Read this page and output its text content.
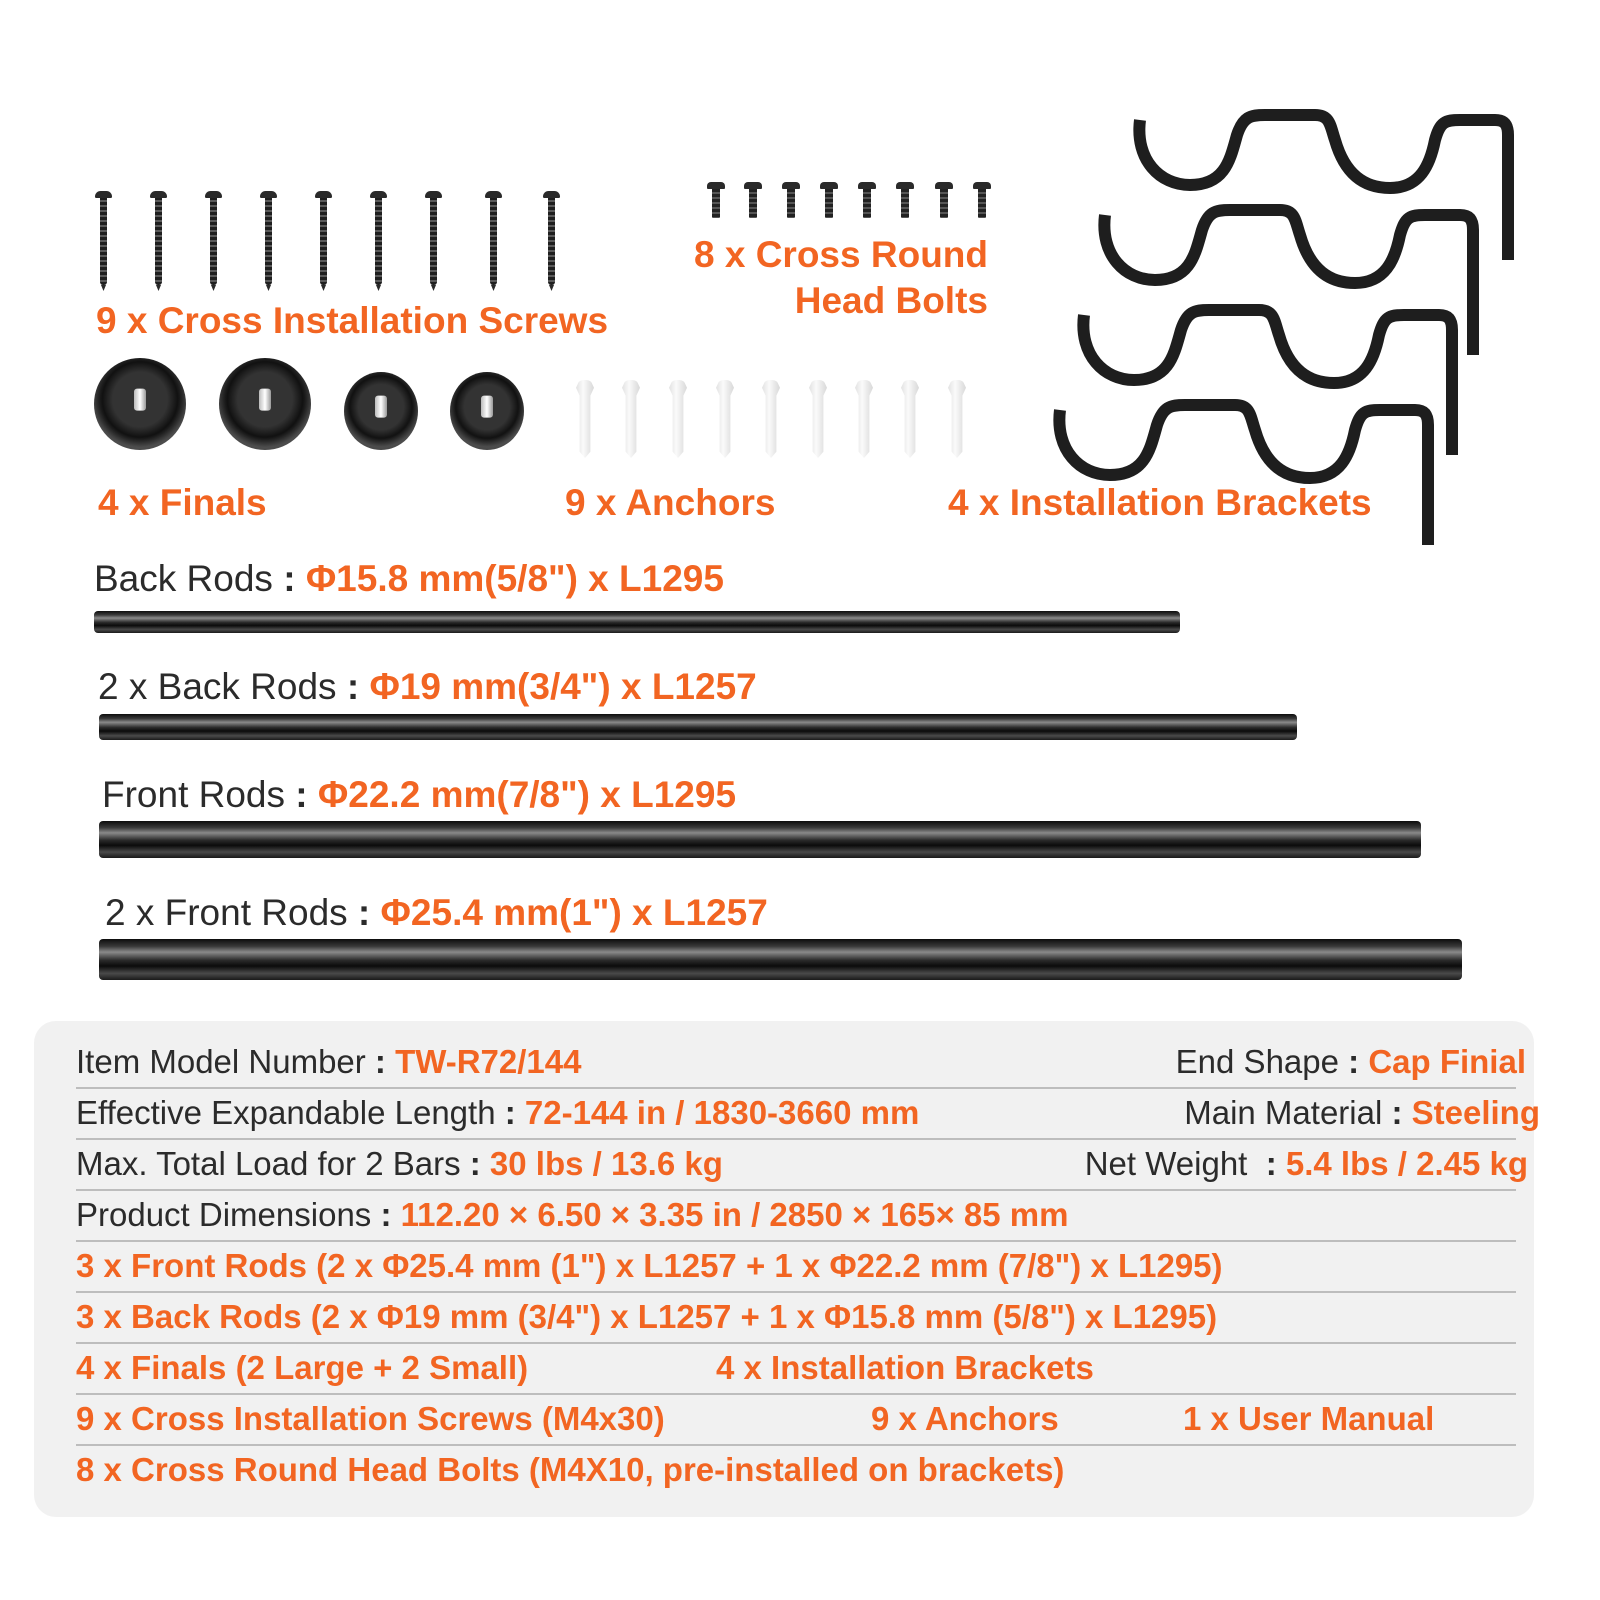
9 x Cross Installation Screws
8 x Cross Round
Head Bolts
4 x Installation Brackets
4 x Finals	9 x Anchors
Back Rods : Φ15.8 mm(5/8") x L1295
2 x Back Rods : Φ19 mm(3/4") x L1257
Front Rods : Φ22.2 mm(7/8") x L1295
2 x Front Rods : Φ25.4 mm(1") x L1257
Item Model Number : TW-R72/144	End Shape : Cap Finial
Effective Expandable Length : 72-144 in / 1830-3660 mm	Main Material : Steeling
Max. Total Load for 2 Bars : 30 lbs / 13.6 kg	Net Weight  : 5.4 lbs / 2.45 kg
Product Dimensions : 112.20 × 6.50 × 3.35 in / 2850 × 165× 85 mm
3 x Front Rods (2 x Φ25.4 mm (1") x L1257 + 1 x Φ22.2 mm (7/8") x L1295)
3 x Back Rods (2 x Φ19 mm (3/4") x L1257 + 1 x Φ15.8 mm (5/8") x L1295)
4 x Finals (2 Large + 2 Small)	4 x Installation Brackets
9 x Cross Installation Screws (M4x30)	9 x Anchors	1 x User Manual
8 x Cross Round Head Bolts (M4X10, pre-installed on brackets)
